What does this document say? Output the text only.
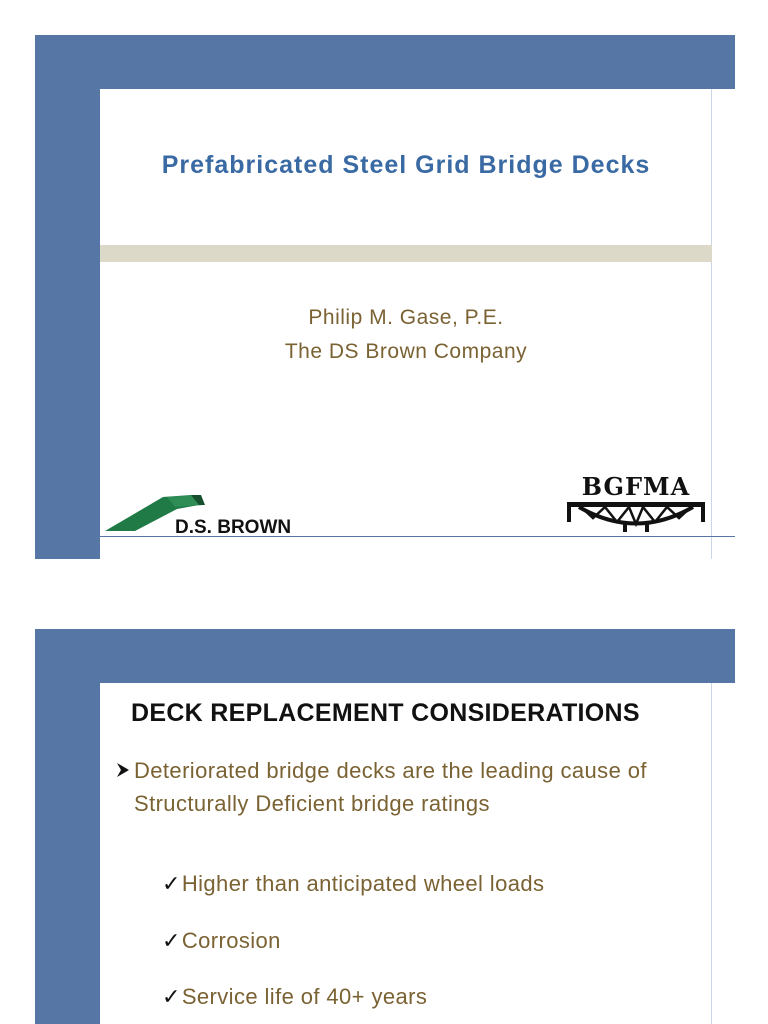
Prefabricated Steel Grid Bridge Decks
Philip M. Gase, P.E.
The DS Brown Company
D.S. BROWN
BGFMA
DECK REPLACEMENT CONSIDERATIONS
Deteriorated bridge decks are the leading cause of Structurally Deficient bridge ratings
✓Higher than anticipated wheel loads
✓Corrosion
✓Service life of 40+ years
